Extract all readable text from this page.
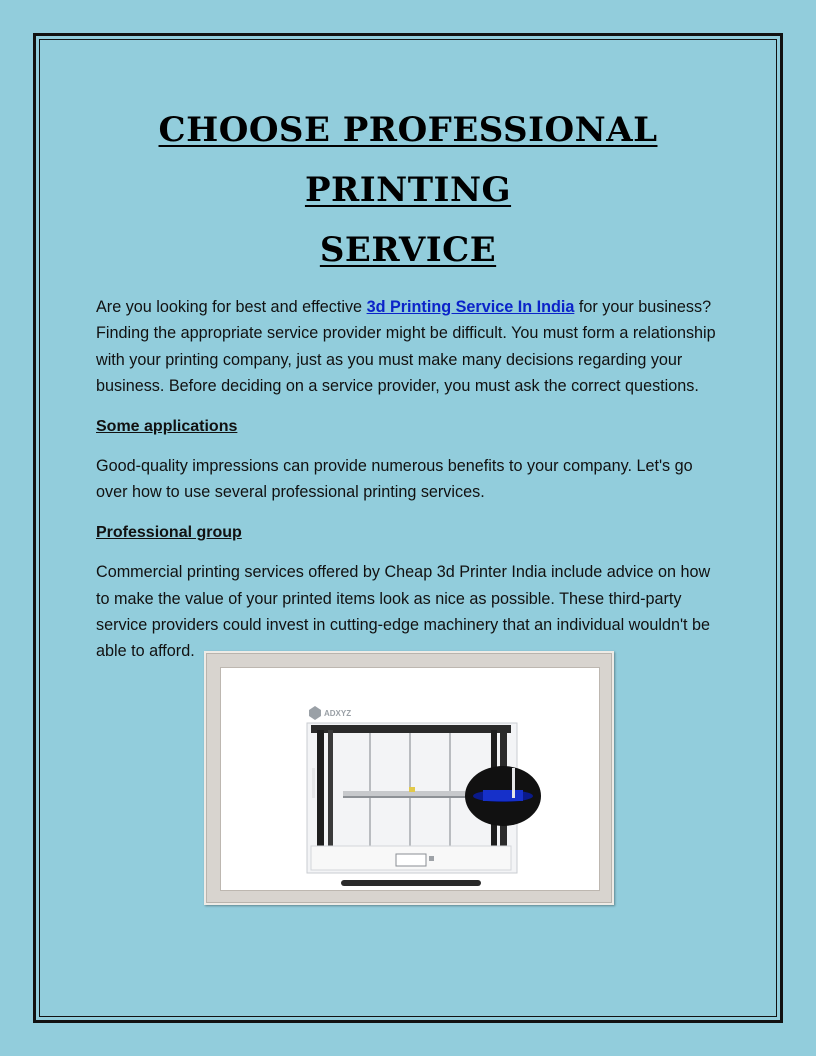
CHOOSE PROFESSIONAL PRINTING
SERVICE

Are you looking for best and effective 3d Printing Service In India for your business? Finding the appropriate service provider might be difficult. You must form a relationship with your printing company, just as you must make many decisions regarding your business. Before deciding on a service provider, you must ask the correct questions.

Some applications

Good-quality impressions can provide numerous benefits to your company. Let's go over how to use several professional printing services.

Professional group

Commercial printing services offered by Cheap 3d Printer India include advice on how to make the value of your printed items look as nice as possible. These third-party service providers could invest in cutting-edge machinery that an individual wouldn't be able to afford.

ADXYZ
